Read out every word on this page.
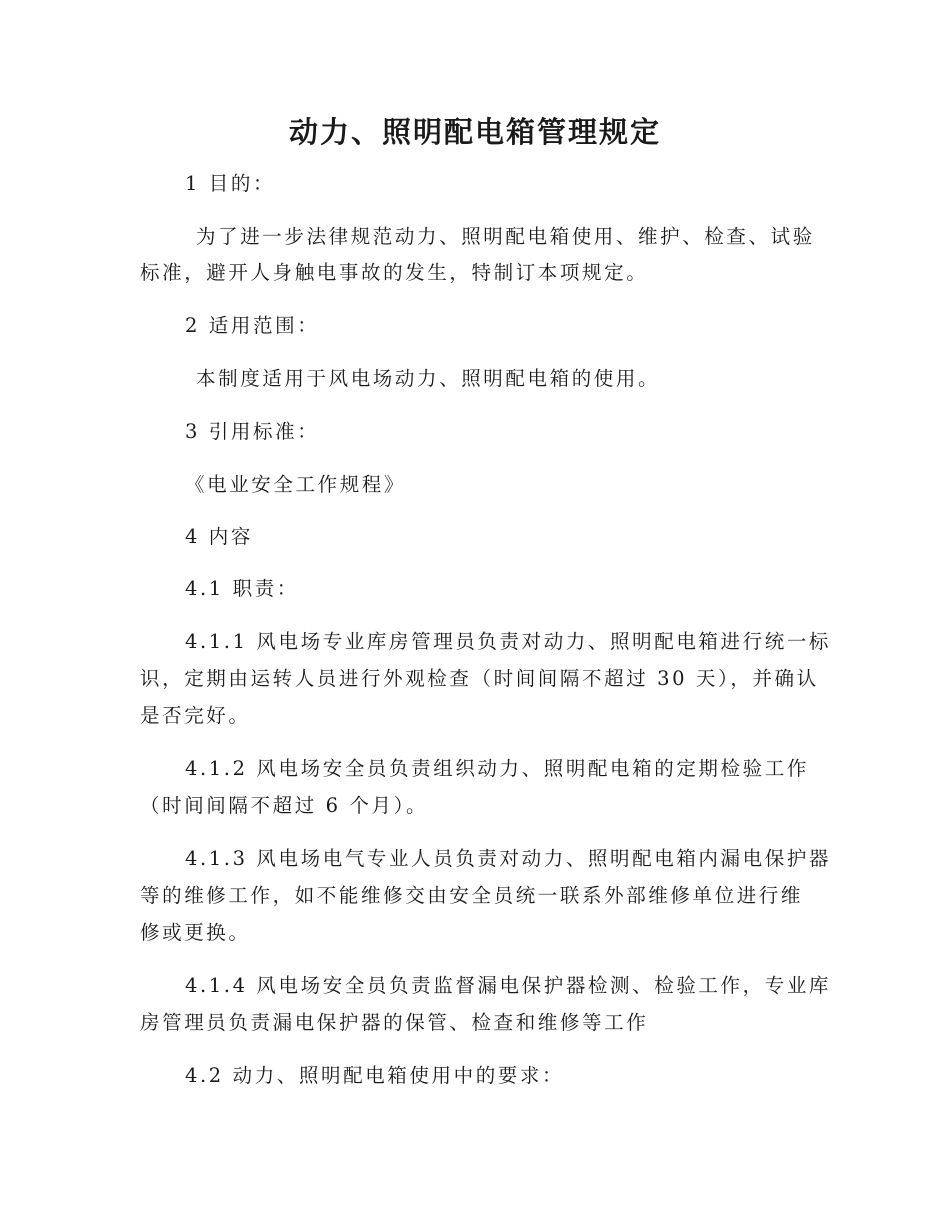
动力、照明配电箱管理规定

1 目的：

为了进一步法律规范动力、照明配电箱使用、维护、检查、试验

标准，避开人身触电事故的发生，特制订本项规定。

2 适用范围：

本制度适用于风电场动力、照明配电箱的使用。

3 引用标准：

《电业安全工作规程》

4 内容

4.1 职责：

4.1.1 风电场专业库房管理员负责对动力、照明配电箱进行统一标

识，定期由运转人员进行外观检查（时间间隔不超过 30 天），并确认

是否完好。

4.1.2 风电场安全员负责组织动力、照明配电箱的定期检验工作

（时间间隔不超过 6 个月）。

4.1.3 风电场电气专业人员负责对动力、照明配电箱内漏电保护器

等的维修工作，如不能维修交由安全员统一联系外部维修单位进行维

修或更换。

4.1.4 风电场安全员负责监督漏电保护器检测、检验工作，专业库

房管理员负责漏电保护器的保管、检查和维修等工作

4.2 动力、照明配电箱使用中的要求：
